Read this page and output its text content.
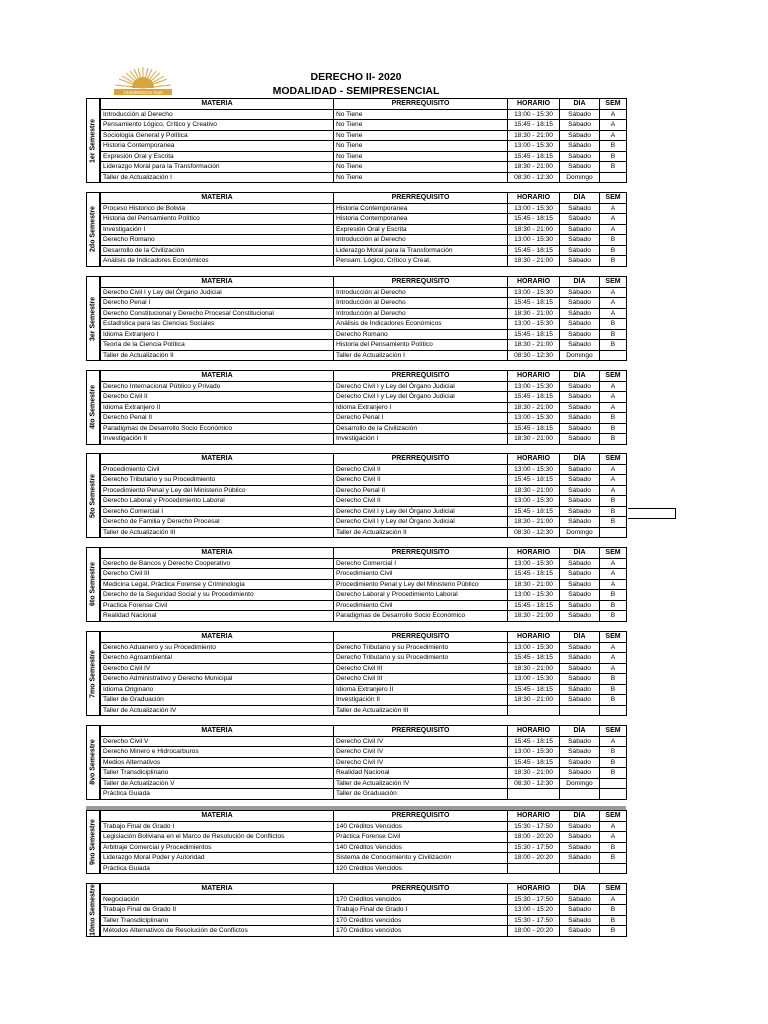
UNIVERSIDAD NUR
DERECHO II- 2020
MODALIDAD - SEMIPRESENCIAL
1er Semestre
MATERIA	PRERREQUISITO	HORARIO	DÍA	SEM
Introducción al Derecho	No Tiene	13:00 - 15:30	Sábado	A
Pensamiento Lógico, Crítico y Creativo	No Tiene	15:45 - 18:15	Sábado	A
Sociología General y Política	No Tiene	18:30 - 21:00	Sábado	A
Historia Contemporanea	No Tiene	13:00 - 15:30	Sábado	B
Expresión Oral y Escrita	No Tiene	15:45 - 18:15	Sábado	B
Liderazgo Moral para la Transformación	No Tiene	18:30 - 21:00	Sábado	B
Taller de Actualización I	No Tiene	08:30 - 12:30	Domingo	
2do Semestre
MATERIA	PRERREQUISITO	HORARIO	DÍA	SEM
Proceso Historico de Bolivia	Historia Contemporanea	13:00 - 15:30	Sábado	A
Historia del Pensamiento Político	Historia Contemporanea	15:45 - 18:15	Sábado	A
Investigación I	Expresión Oral y Escrita	18:30 - 21:00	Sábado	A
Derecho Romano	Introducción al Derecho	13:00 - 15:30	Sábado	B
Desarrollo de la Civilización	Liderazgo Moral para la Transformación	15:45 - 18:15	Sábado	B
Análisis de Indicadores Económicos	Pensam. Lógico, Crítico y Creat.	18:30 - 21:00	Sábado	B
3er Semestre
MATERIA	PRERREQUISITO	HORARIO	DÍA	SEM
Derecho Civil I y Ley del Órgano Judicial	Introducción al Derecho	13:00 - 15:30	Sábado	A
Derecho Penal I	Introducción al Derecho	15:45 - 18:15	Sábado	A
Derecho Constitucional y Derecho Procesal Constitucional	Introducción al Derecho	18:30 - 21:00	Sábado	A
Estadística para las Ciencias Sociales	Análisis de Indicadores Económicos	13:00 - 15:30	Sábado	B
Idioma Extranjero I	Derecho Romano	15:45 - 18:15	Sábado	B
Teoría de la Ciencia Política	Historia del Pensamiento Político	18:30 - 21:00	Sábado	B
Taller de Actualización II	Taller de Actualización I	08:30 - 12:30	Domingo	
4to Semestre
MATERIA	PRERREQUISITO	HORARIO	DÍA	SEM
Derecho Internacional Público y Privado	Derecho Civil I y Ley del Órgano Judicial	13:00 - 15:30	Sábado	A
Derecho Civil II	Derecho Civil I y Ley del Órgano Judicial	15:45 - 18:15	Sábado	A
Idioma Extranjero II	Idioma Extranjero I	18:30 - 21:00	Sábado	A
Derecho Penal II	Derecho Penal I	13:00 - 15:30	Sábado	B
Paradigmas de Desarrollo Socio Económico	Desarrollo de la Civilización	15:45 - 18:15	Sábado	B
Investigación II	Investigación I	18:30 - 21:00	Sábado	B
5to Semestre
MATERIA	PRERREQUISITO	HORARIO	DÍA	SEM
Procedimiento Civil	Derecho Civil II	13:00 - 15:30	Sábado	A
Derecho Tributario y su Procedimiento	Derecho Civil II	15:45 - 18:15	Sábado	A
Procedimiento Penal y Ley del Ministerio Público	Derecho Penal II	18:30 - 21:00	Sábado	A
Derecho Laboral y Procedimiento Laboral	Derecho Civil II	13:00 - 15:30	Sábado	B
Derecho Comercial I	Derecho Civil I y Ley del Órgano Judicial	15:45 - 18:15	Sábado	B
Derecho de Familia y Derecho Procesal	Derecho Civil I y Ley del Órgano Judicial	18:30 - 21:00	Sábado	B
Taller de Actualización III	Taller de Actualización II	08:30 - 12:30	Domingo	
6to Semestre
MATERIA	PRERREQUISITO	HORARIO	DÍA	SEM
Derecho de Bancos y Derecho Cooperativo	Derecho Comercial I	13:00 - 15:30	Sábado	A
Derecho Civil III	Procedimiento Civil	15:45 - 18:15	Sábado	A
Medicina Legal, Práctica Forense y Criminología	Procedimiento Penal y Ley del Ministerio Público	18:30 - 21:00	Sábado	A
Derecho de la Seguridad Social y su Procedimiento	Derecho Laboral y Procedimiento Laboral	13:00 - 15:30	Sábado	B
Practica Forense Civil	Procedimiento Civil	15:45 - 18:15	Sábado	B
Realidad Nacional	Paradigmas de Desarrollo Socio Económico	18:30 - 21:00	Sábado	B
7mo Semestre
MATERIA	PRERREQUISITO	HORARIO	DÍA	SEM
Derecho Aduanero y su Procedimiento	Derecho Tributario y su Procedimiento	13:00 - 15:30	Sábado	A
Derecho Agroambiental	Derecho Tributario y su Procedimiento	15:45 - 18:15	Sábado	A
Derecho Civil IV	Derecho Civil III	18:30 - 21:00	Sábado	A
Derecho Administrativo y Derecho Municipal	Derecho Civil III	13:00 - 15:30	Sábado	B
Idioma Originario	Idioma Extranjero II	15:45 - 18:15	Sábado	B
Taller de Graduación	Investigación II	18:30 - 21:00	Sábado	B
Taller de Actualización IV	Taller de Actualización III			
8vo Semestre
MATERIA	PRERREQUISITO	HORARIO	DÍA	SEM
Derecho Civil V	Derecho Civil IV	15:45 - 18:15	Sábado	A
Derecho Minero e Hidrocarburos	Derecho Civil IV	13:00 - 15:30	Sábado	B
Medios Alternativos	Derecho Civil IV	15:45 - 18:15	Sábado	B
Taller Transdiciplinario	Realidad Nacional	18:30 - 21:00	Sábado	B
Taller de Actualización V	Taller de Actualización IV	08:30 - 12:30	Domingo	
Práctica Guiada	Taller de Graduación			
9no Semestre
MATERIA	PRERREQUISITO	HORARIO	DÍA	SEM
Trabajo Final de Grado I	140 Créditos Vencidos	15:30 - 17:50	Sábado	A
Legislación Boliviana en el Marco de Resolución de Conflictos	Práctica Forense Civil	18:00 - 20:20	Sábado	A
Arbitraje Comercial y Procedimientos	140 Créditos Vencidos	15:30 - 17:50	Sábado	B
Liderazgo Moral Poder y Autoridad	Sistema de Conocimiento y Civilización	18:00 - 20:20	Sábado	B
Práctica Guiada	120 Créditos Vencidos			
10mo Semestre	MATERIA	PRERREQUISITO	HORARIO	DÍA	SEM
Negociación	170 Créditos vencidos	15:30 - 17:50	Sábado	A
Trabajo Final de Grado II	Trabajo Final de Grado I	13:00 - 15:20	Sábado	B
Taller Transdiciplinario	170 Créditos vencidos	15:30 - 17:50	Sábado	B
Métodos Alternativos de Resolución de Conflictos	170 Créditos vencidos	18:00 - 20:20	Sábado	B
